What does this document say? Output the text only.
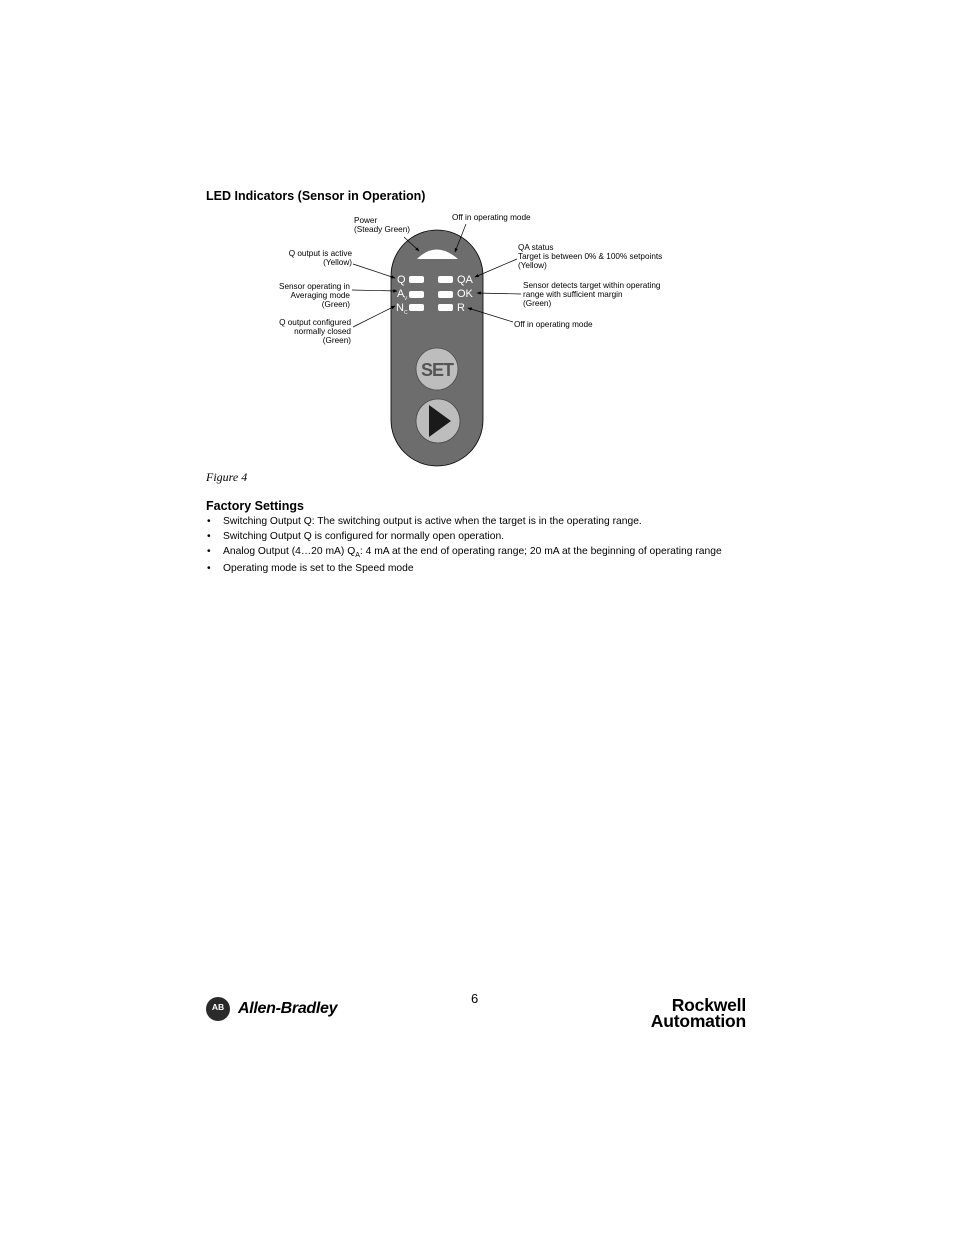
LED Indicators (Sensor in Operation)
Q
A V
N C
QA
OK
R
SET
Power
(Steady Green)
Off in operating mode
Q output is active
(Yellow)
Sensor operating in
Averaging mode
(Green)
Q output configured
normally closed
(Green)
QA status
Target is between 0% & 100% setpoints
(Yellow)
Sensor detects target within operating
range with sufficient margin
(Green)
Off in operating mode
Figure 4
Factory Settings
• Switching Output Q: The switching output is active when the target is in the operating range.
• Switching Output Q is configured for normally open operation.
• Analog Output (4…20 mA) $Q_A$: 4 mA at the end of operating range; 20 mA at the beginning of operating range
• Operating mode is set to the Speed mode
6
AB Allen-Bradley	Rockwell
Automation
